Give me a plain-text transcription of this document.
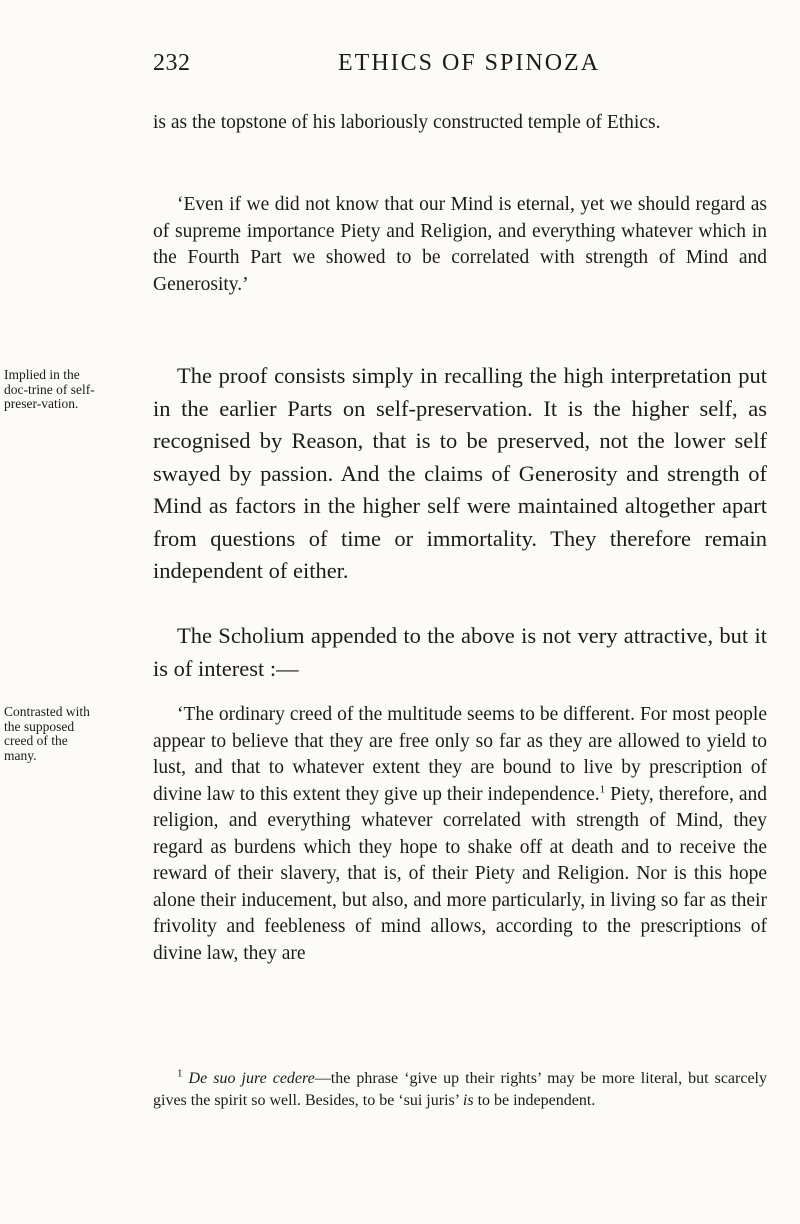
232	ETHICS OF SPINOZA

is as the topstone of his laboriously constructed temple of Ethics.

‘Even if we did not know that our Mind is eternal, yet we should regard as of supreme importance Piety and Religion, and everything whatever which in the Fourth Part we showed to be correlated with strength of Mind and Generosity.’

Implied in the doc-trine of self-preser-vation.

The proof consists simply in recalling the high interpretation put in the earlier Parts on self-preservation. It is the higher self, as recognised by Reason, that is to be preserved, not the lower self swayed by passion. And the claims of Generosity and strength of Mind as factors in the higher self were maintained altogether apart from questions of time or immortality. They therefore remain independent of either.

The Scholium appended to the above is not very attractive, but it is of interest :—

Contrasted with the supposed creed of the many.

‘The ordinary creed of the multitude seems to be different. For most people appear to believe that they are free only so far as they are allowed to yield to lust, and that to whatever extent they are bound to live by prescription of divine law to this extent they give up their independence.$^1$ Piety, therefore, and religion, and everything whatever correlated with strength of Mind, they regard as burdens which they hope to shake off at death and to receive the reward of their slavery, that is, of their Piety and Religion. Nor is this hope alone their inducement, but also, and more particularly, in living so far as their frivolity and feebleness of mind allows, according to the prescriptions of divine law, they are

$^1$ De suo jure cedere—the phrase ‘give up their rights’ may be more literal, but scarcely gives the spirit so well. Besides, to be ‘sui juris’ is to be independent.
